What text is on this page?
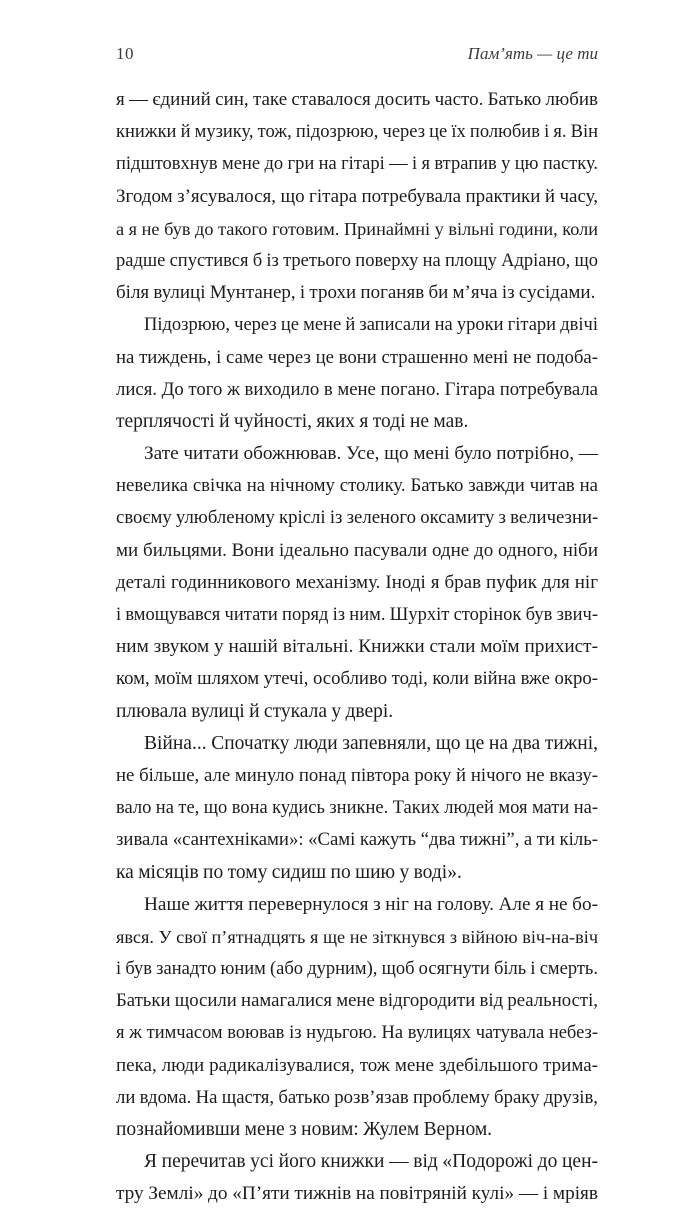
10	Пам’ять — це ти
я — єдиний син, таке ставалося досить часто. Батько любив
книжки й музику, тож, підозрюю, через це їх полюбив і я. Він
підштовхнув мене до гри на гітарі — і я втрапив у цю пастку.
Згодом з’ясувалося, що гітара потребувала практики й часу,
а я не був до такого готовим. Принаймні у вільні години, коли
радше спустився б із третього поверху на площу Адріано, що
біля вулиці Мунтанер, і трохи поганяв би м’яча із сусідами.
Підозрюю, через це мене й записали на уроки гітари двічі
на тиждень, і саме через це вони страшенно мені не подоба-
лися. До того ж виходило в мене погано. Гітара потребувала
терплячості й чуйності, яких я тоді не мав.
Зате читати обожнював. Усе, що мені було потрібно, —
невелика свічка на нічному столику. Батько завжди читав на
своєму улюбленому кріслі із зеленого оксамиту з величезни-
ми бильцями. Вони ідеально пасували одне до одного, ніби
деталі годинникового механізму. Іноді я брав пуфик для ніг
і вмощувався читати поряд із ним. Шурхіт сторінок був звич-
ним звуком у нашій вітальні. Книжки стали моїм прихист-
ком, моїм шляхом утечі, особливо тоді, коли війна вже окро-
плювала вулиці й стукала у двері.
Війна... Спочатку люди запевняли, що це на два тижні,
не більше, але минуло понад півтора року й нічого не вказу-
вало на те, що вона кудись зникне. Таких людей моя мати на-
зивала «сантехніками»: «Самі кажуть “два тижні”, а ти кіль-
ка місяців по тому сидиш по шию у воді».
Наше життя перевернулося з ніг на голову. Але я не бо-
явся. У свої п’ятнадцять я ще не зіткнувся з війною віч-на-віч
і був занадто юним (або дурним), щоб осягнути біль і смерть.
Батьки щосили намагалися мене відгородити від реальності,
я ж тимчасом воював із нудьгою. На вулицях чатувала небез-
пека, люди радикалізувалися, тож мене здебільшого трима-
ли вдома. На щастя, батько розв’язав проблему браку друзів,
познайомивши мене з новим: Жулем Верном.
Я перечитав усі його книжки — від «Подорожі до цен-
тру Землі» до «П’яти тижнів на повітряній кулі» — і мріяв
